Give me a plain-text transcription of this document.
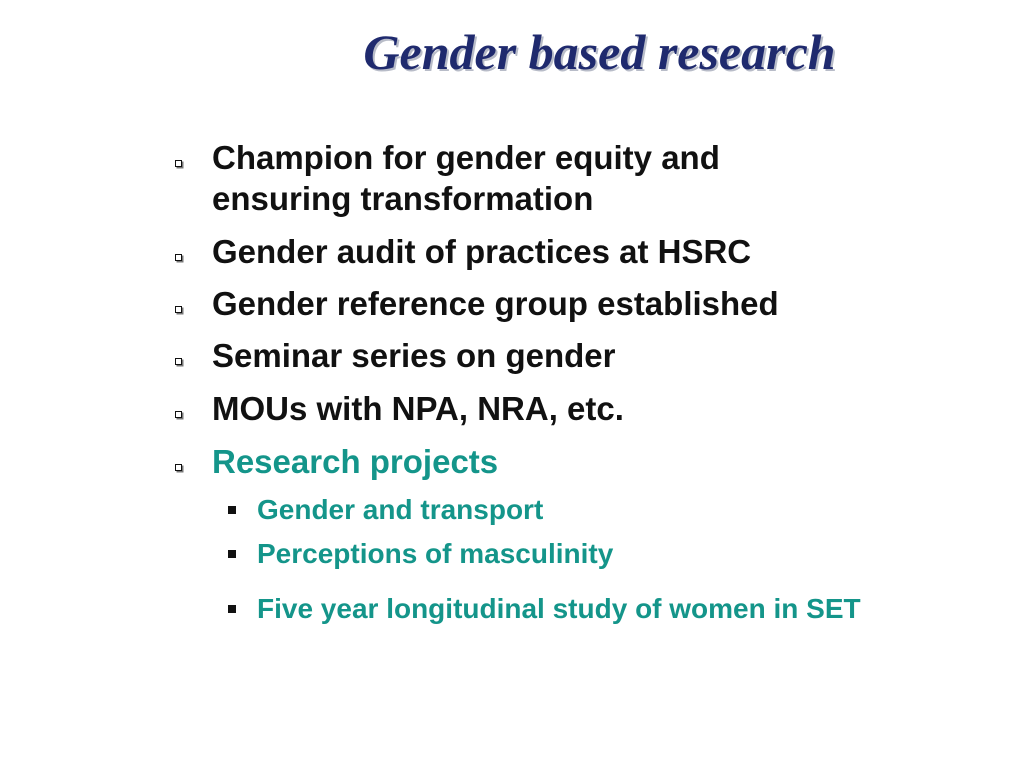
Gender based research
Champion for gender equity and
ensuring transformation
Gender audit of practices at HSRC
Gender reference group established
Seminar series on gender
MOUs with NPA, NRA, etc.
Research projects
Gender and transport
Perceptions of masculinity
Five year longitudinal study of women in SET
